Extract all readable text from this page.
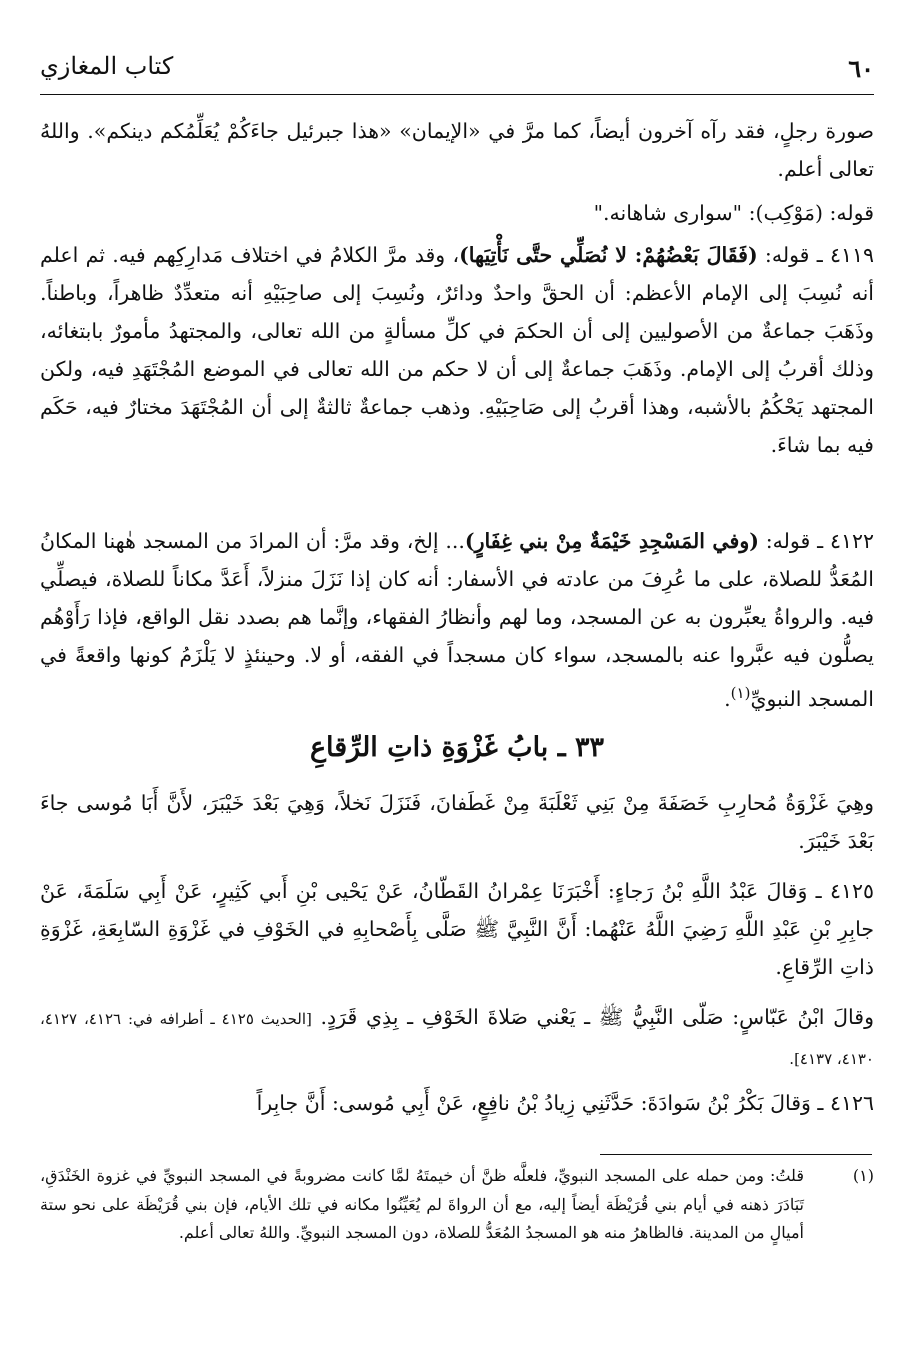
٦٠
كتاب المغازي
صورة رجلٍ، فقد رآه آخرون أيضاً، كما مرَّ في «الإيمان» «هذا جبرئيل جاءَكُمْ يُعَلِّمُكم دينكم». واللهُ تعالى أعلم.
قوله: (مَوْكِب): "سواری شاهانه."
٤١١٩ ـ قوله: (فَقَالَ بَعْضُهُمْ: لا نُصَلِّي حتَّى نَأْتِيَها)، وقد مرَّ الكلامُ في اختلاف مَدارِكِهم فيه. ثم اعلم أنه نُسِبَ إلى الإمام الأعظم: أن الحقَّ واحدٌ ودائرٌ، ونُسِبَ إلى صاحِبَيْهِ أنه متعدِّدٌ ظاهراً، وباطناً. وذَهَبَ جماعةٌ من الأصوليين إلى أن الحكمَ في كلِّ مسألةٍ من الله تعالى، والمجتهدُ مأمورٌ بابتغائه، وذلك أقربُ إلى الإمام. وذَهَبَ جماعةٌ إلى أن لا حكم من الله تعالى في الموضع المُجْتَهَدِ فيه، ولكن المجتهد يَحْكُمُ بالأشبه، وهذا أقربُ إلى صَاحِبَيْهِ. وذهب جماعةٌ ثالثةٌ إلى أن المُجْتَهَدَ مختارٌ فيه، حَكَم فيه بما شاءَ.
٤١٢٢ ـ قوله: (وفي المَسْجِدِ خَيْمَةٌ مِنْ بني غِفَارٍ)... إلخ، وقد مرَّ: أن المرادَ من المسجد هٰهنا المكانُ المُعَدُّ للصلاة، على ما عُرِفَ من عادته في الأسفار: أنه كان إذا نَزَلَ منزلاً، أَعَدَّ مكاناً للصلاة، فيصلِّي فيه. والرواةُ يعبِّرون به عن المسجد، وما لهم وأنظارُ الفقهاء، وإنَّما هم بصدد نقل الواقع، فإذا رَأَوْهُم يصلُّون فيه عبَّروا عنه بالمسجد، سواء كان مسجداً في الفقه، أو لا. وحينئذٍ لا يَلْزَمُ كونها واقعةً في المسجد النبويِّ$^{(١)}$.
٣٣ ـ بابُ غَزْوَةِ ذاتِ الرِّقاعِ
وهِيَ غَزْوَةُ مُحارِبِ خَصَفَةَ مِنْ بَنِي ثَعْلَبَةَ مِنْ غَطَفانَ، فَنَزَلَ نَخلاً، وَهِيَ بَعْدَ خَيْبَرَ، لأَنَّ أَبَا مُوسى جاءَ بَعْدَ خَيْبَرَ.
٤١٢٥ ـ وَقالَ عَبْدُ اللَّهِ بْنُ رَجاءٍ: أَخْبَرَنَا عِمْرانُ القَطّانُ، عَنْ يَحْيى بْنِ أَبي كَثِيرٍ، عَنْ أَبِي سَلَمَةَ، عَنْ جابِرِ بْنِ عَبْدِ اللَّهِ رَضِيَ اللَّهُ عَنْهُما: أَنَّ النَّبِيَّ ﷺ صَلَّى بِأَصْحابِهِ في الخَوْفِ في غَزْوَةِ السّابِعَةِ، غَزْوَةِ ذاتِ الرِّقاعِ.
وقالَ ابْنُ عَبّاسٍ: صَلّى النَّبِيُّ ﷺ ـ يَعْني صَلاةَ الخَوْفِ ـ بِذِي قَرَدٍ. [الحديث ٤١٢٥ ـ أطرافه في: ٤١٢٦، ٤١٢٧، ٤١٣٠، ٤١٣٧].
٤١٢٦ ـ وَقالَ بَكْرُ بْنُ سَوادَةَ: حَدَّثَنِي زِيادُ بْنُ نافِعٍ، عَنْ أَبِي مُوسى: أَنَّ جابِراً
(١)
قلتُ: ومن حمله على المسجد النبويِّ، فلعلَّه ظنَّ أن خيمتَهُ لمَّا كانت مضروبةً في المسجد النبويِّ في غزوة الخَنْدَقِ، تَبَادَرَ ذهنه في أيام بني قُرَيْظَة أيضاً إليه، مع أن الرواةَ لم يُعَيِّنُوا مكانه في تلك الأيام، فإن بني قُرَيْظَة على نحو ستة أميالٍ من المدينة. فالظاهرُ منه هو المسجدُ المُعَدُّ للصلاة، دون المسجد النبويِّ. واللهُ تعالى أعلم.
